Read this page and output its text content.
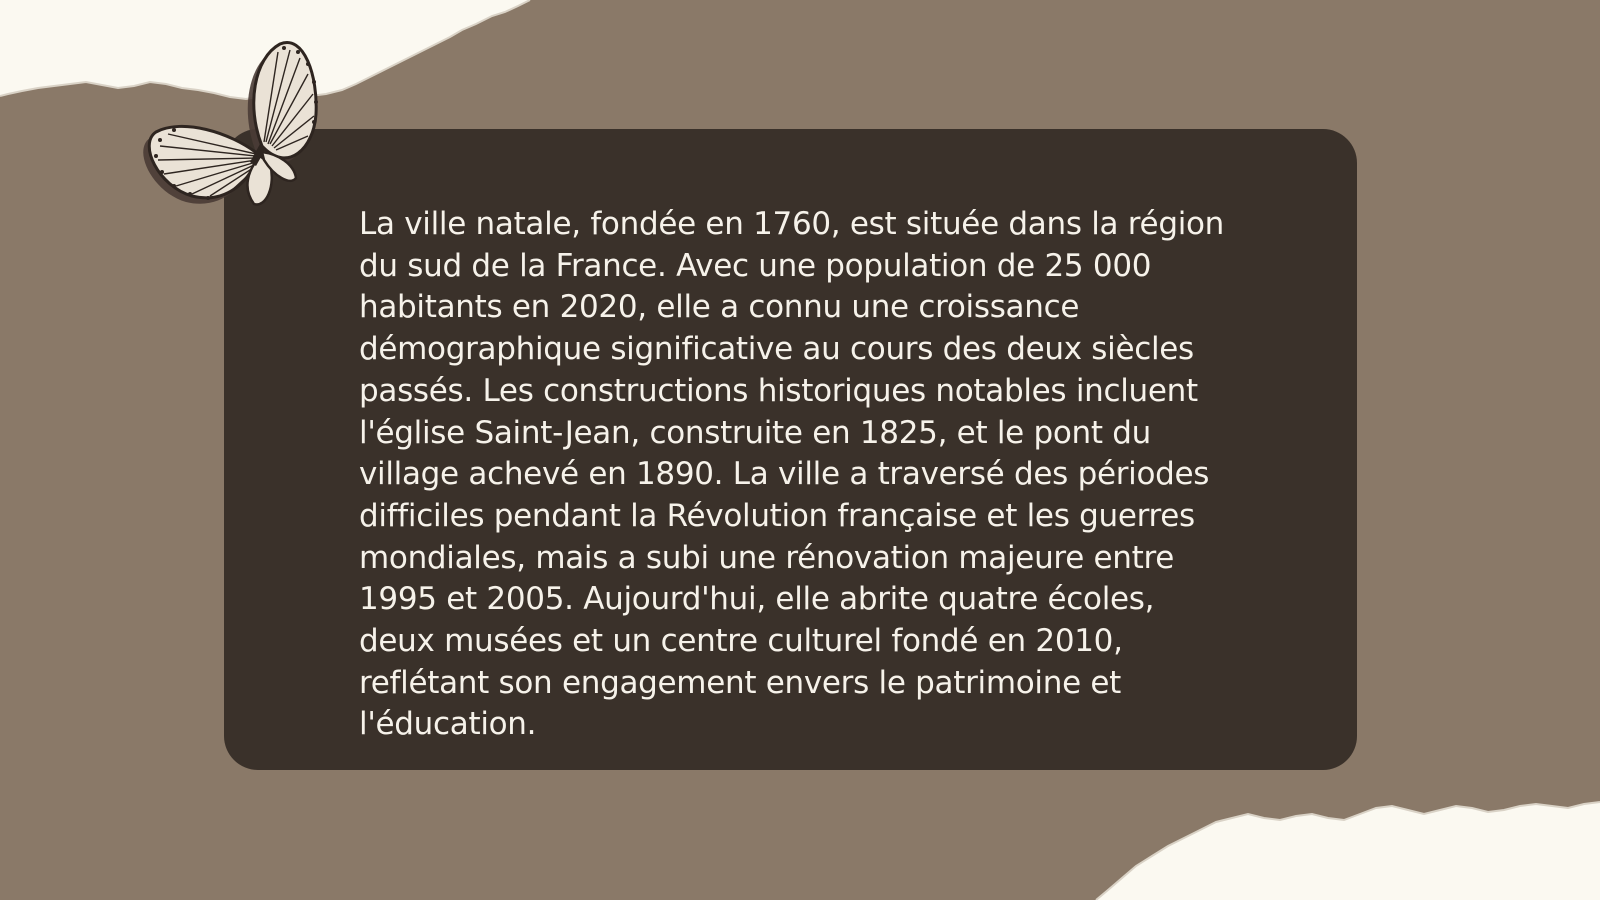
La ville natale, fondée en 1760, est située dans la région du sud de la France. Avec une population de 25 000 habitants en 2020, elle a connu une croissance démographique significative au cours des deux siècles passés. Les constructions historiques notables incluent l'église Saint-Jean, construite en 1825, et le pont du village achevé en 1890. La ville a traversé des périodes difficiles pendant la Révolution française et les guerres mondiales, mais a subi une rénovation majeure entre 1995 et 2005. Aujourd'hui, elle abrite quatre écoles, deux musées et un centre culturel fondé en 2010, reflétant son engagement envers le patrimoine et l'éducation.
